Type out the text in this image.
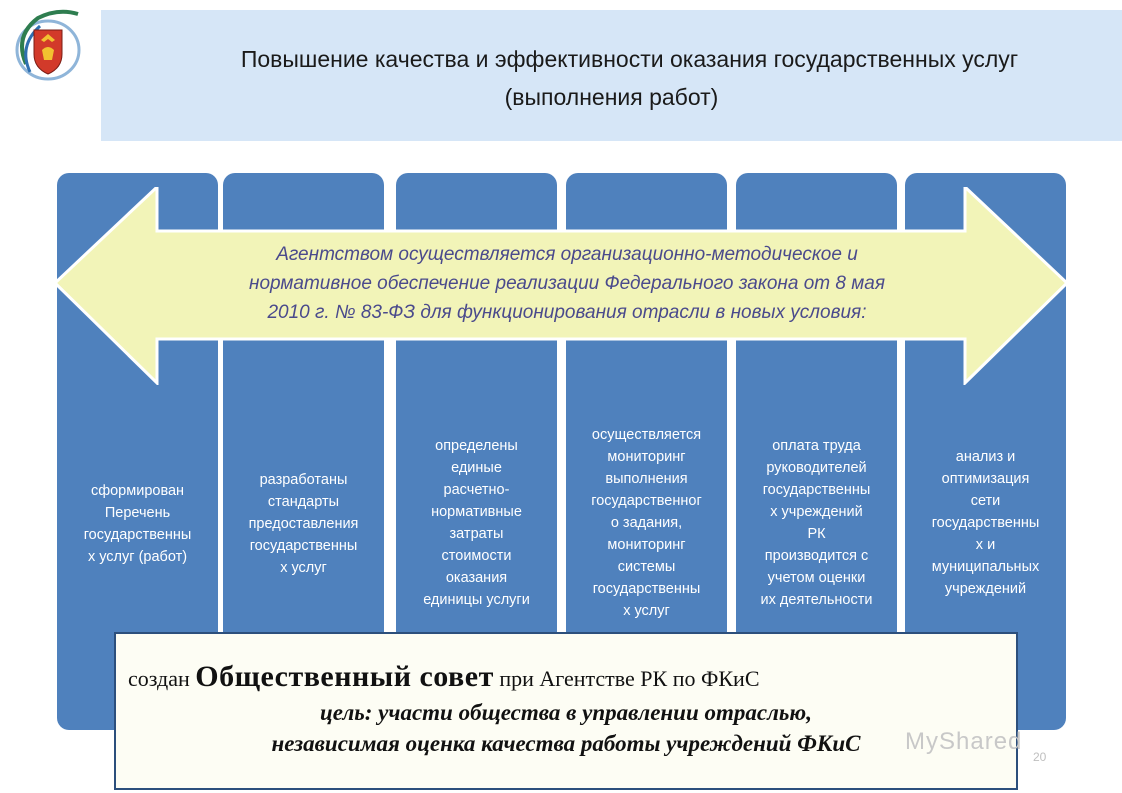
Повышение качества и эффективности оказания государственных услуг
(выполнения работ)
сформирован
Перечень
государственны
х услуг (работ)
разработаны
стандарты
предоставления
государственны
х услуг
определены
единые
расчетно-
нормативные
затраты
стоимости
оказания
единицы услуги
осуществляется
мониторинг
выполнения
государственног
о задания,
мониторинг
системы
государственны
х услуг
оплата труда
руководителей
государственны
х учреждений
РК
производится с
учетом оценки
их деятельности
анализ и
оптимизация
сети
государственны
х и
муниципальных
учреждений
Агентством осуществляется организационно-методическое и
нормативное обеспечение реализации Федерального закона от 8 мая
2010 г. № 83-ФЗ для функционирования отрасли в новых условия:
создан Общественный совет при Агентстве РК по ФКиС
цель: участи общества в управлении отраслью,
независимая оценка качества работы учреждений ФКиС	MyShared
20
